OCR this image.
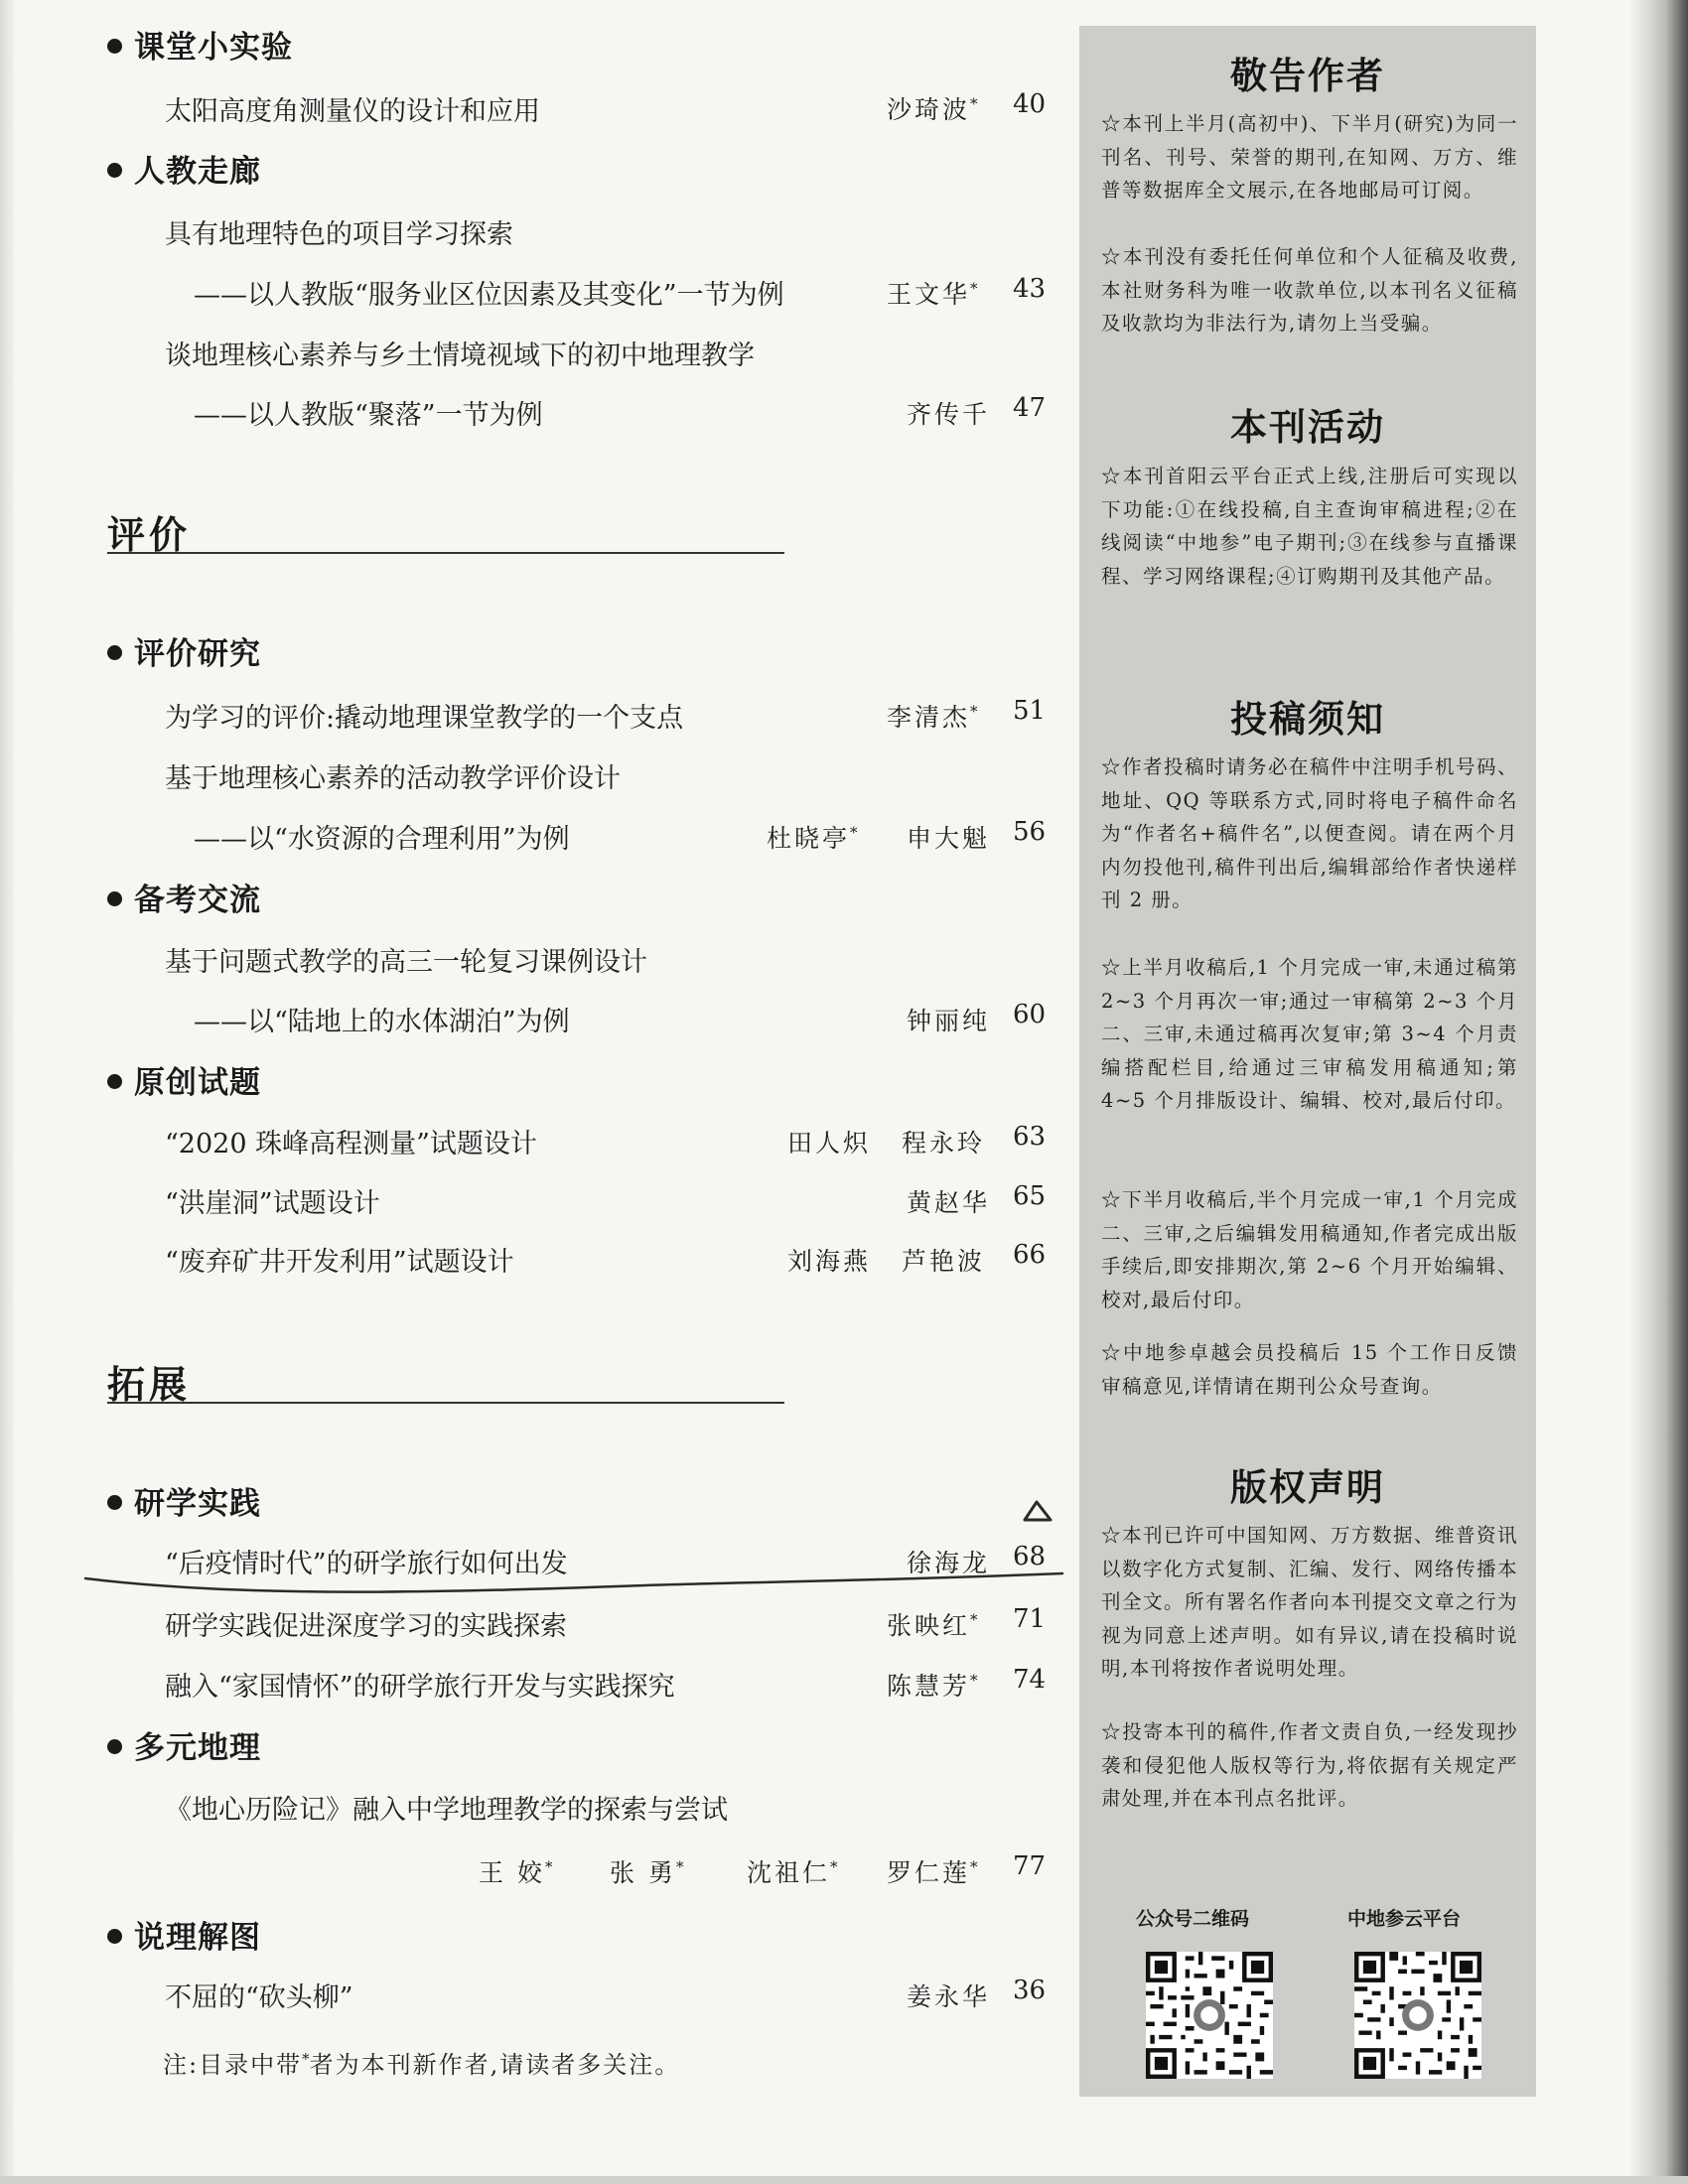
课堂小实验
太阳高度角测量仪的设计和应用	沙琦波* 40
人教走廊
具有地理特色的项目学习探索
——以人教版“服务业区位因素及其变化”一节为例	王文华* 43
谈地理核心素养与乡土情境视域下的初中地理教学
——以人教版“聚落”一节为例	齐传千 47
评价
评价研究
为学习的评价:撬动地理课堂教学的一个支点	李清杰* 51
基于地理核心素养的活动教学评价设计
——以“水资源的合理利用”为例	杜晓亭* 申大魁 56
备考交流
基于问题式教学的高三一轮复习课例设计
——以“陆地上的水体湖泊”为例	钟丽纯 60
原创试题
“2020 珠峰高程测量”试题设计	田人炽 程永玲 63
“洪崖洞”试题设计	黄赵华 65
“废弃矿井开发利用”试题设计	刘海燕 芦艳波 66
拓展
研学实践
“后疫情时代”的研学旅行如何出发	徐海龙 68
研学实践促进深度学习的实践探索	张映红* 71
融入“家国情怀”的研学旅行开发与实践探究	陈慧芳* 74
多元地理
《地心历险记》融入中学地理教学的探索与尝试
王 姣* 张 勇*	沈祖仁* 罗仁莲* 77
说理解图
不屈的“砍头柳”	姜永华 36
注:目录中带*者为本刊新作者,请读者多关注。
敬告作者
☆本刊上半月(高初中)、下半月(研究)为同一刊名、刊号、荣誉的期刊,在知网、万方、维普等数据库全文展示,在各地邮局可订阅。
☆本刊没有委托任何单位和个人征稿及收费,本社财务科为唯一收款单位,以本刊名义征稿及收款均为非法行为,请勿上当受骗。
本刊活动
☆本刊首阳云平台正式上线,注册后可实现以下功能:①在线投稿,自主查询审稿进程;②在线阅读“中地参”电子期刊;③在线参与直播课程、学习网络课程;④订购期刊及其他产品。
投稿须知
☆作者投稿时请务必在稿件中注明手机号码、地址、QQ 等联系方式,同时将电子稿件命名为“作者名+稿件名”,以便查阅。请在两个月内勿投他刊,稿件刊出后,编辑部给作者快递样刊 2 册。
☆上半月收稿后,1 个月完成一审,未通过稿第 2~3 个月再次一审;通过一审稿第 2~3 个月二、三审,未通过稿再次复审;第 3~4 个月责编搭配栏目,给通过三审稿发用稿通知;第 4~5 个月排版设计、编辑、校对,最后付印。
☆下半月收稿后,半个月完成一审,1 个月完成二、三审,之后编辑发用稿通知,作者完成出版手续后,即安排期次,第 2~6 个月开始编辑、校对,最后付印。
☆中地参卓越会员投稿后 15 个工作日反馈审稿意见,详情请在期刊公众号查询。
版权声明
☆本刊已许可中国知网、万方数据、维普资讯以数字化方式复制、汇编、发行、网络传播本刊全文。所有署名作者向本刊提交文章之行为视为同意上述声明。如有异议,请在投稿时说明,本刊将按作者说明处理。
☆投寄本刊的稿件,作者文责自负,一经发现抄袭和侵犯他人版权等行为,将依据有关规定严肃处理,并在本刊点名批评。
公众号二维码	中地参云平台
